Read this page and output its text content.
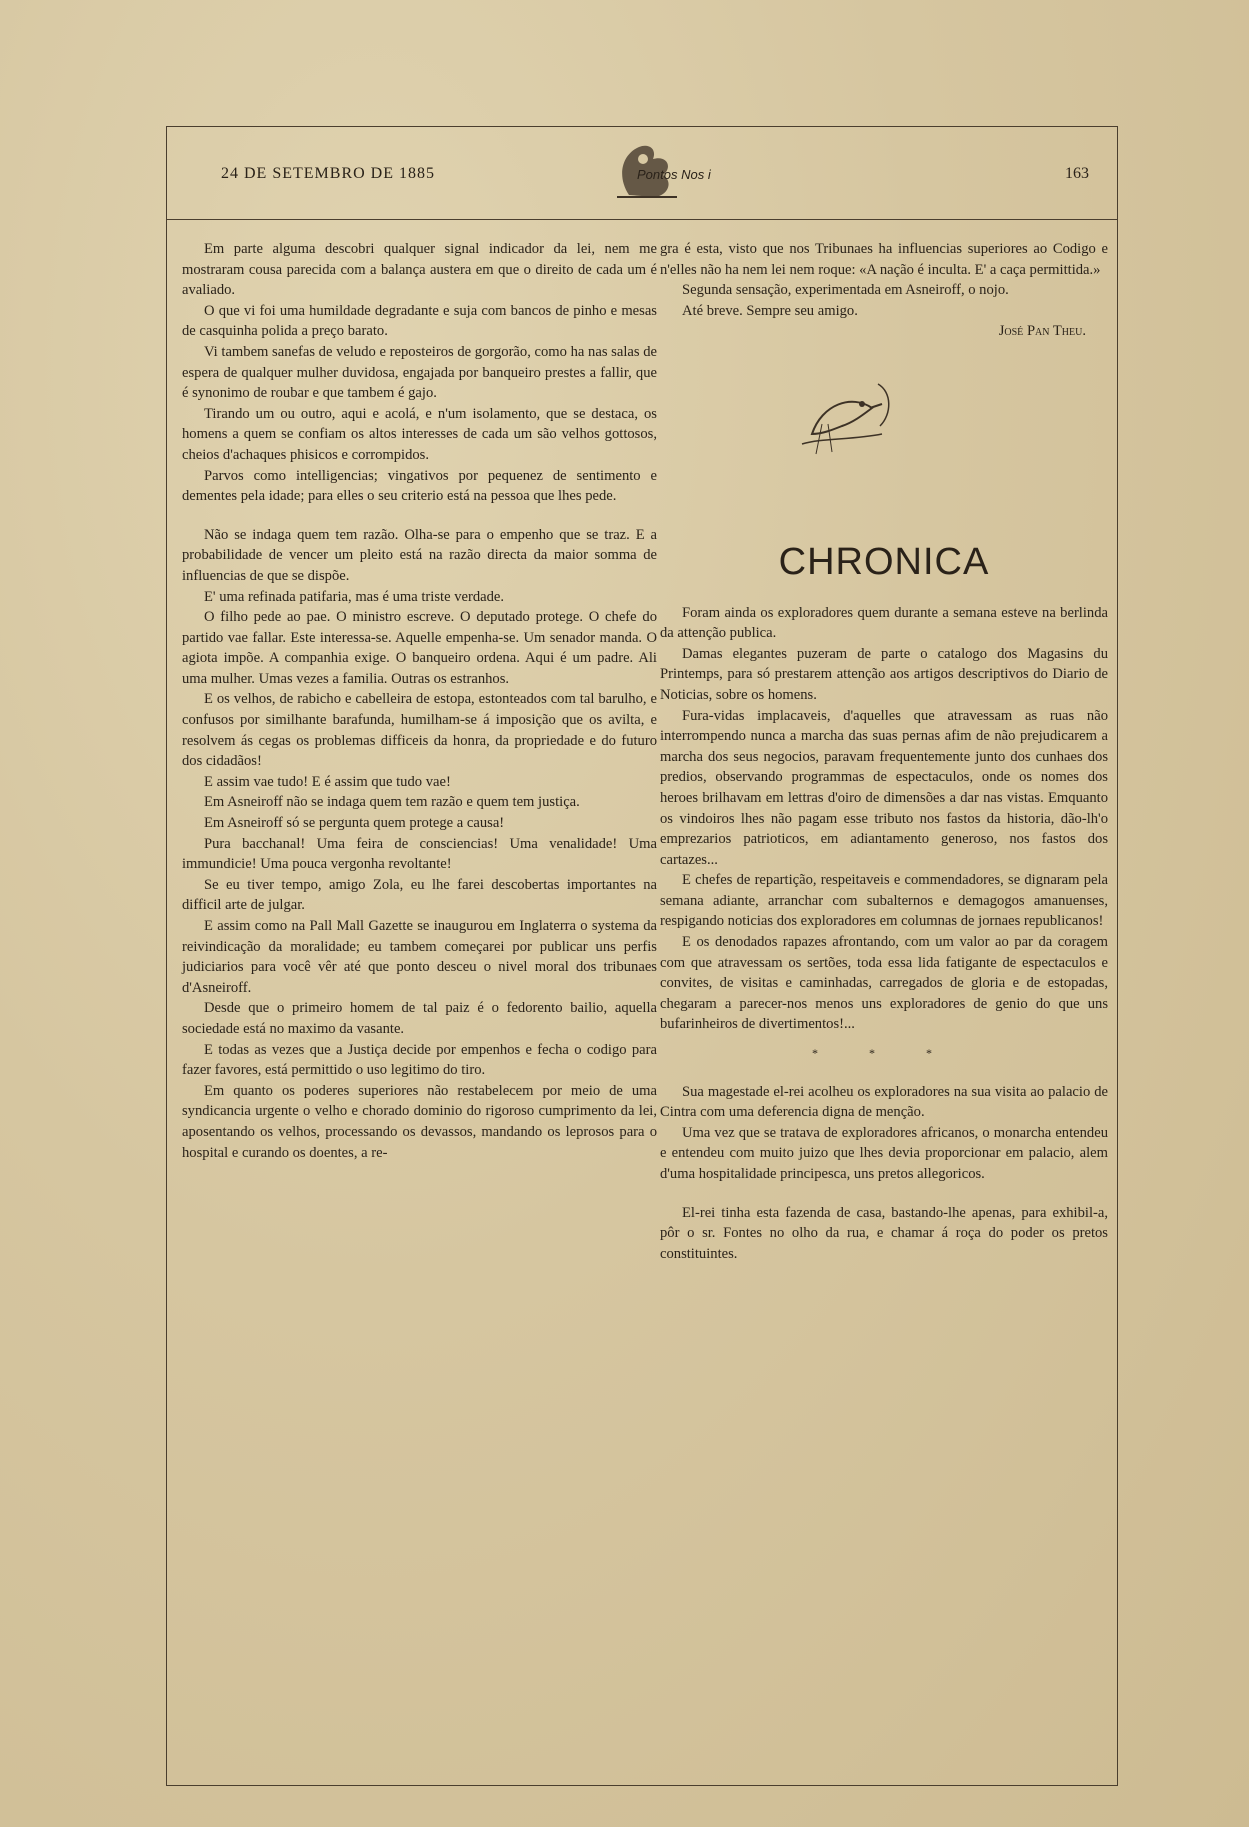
24 DE SETEMBRO DE 1885	Pontos Nos i	163

Em parte alguma descobri qualquer signal indicador da lei, nem me mostraram cousa parecida com a balança austera em que o direito de cada um é avaliado.

O que vi foi uma humildade degradante e suja com bancos de pinho e mesas de casquinha polida a preço barato.

Vi tambem sanefas de veludo e reposteiros de gorgorão, como ha nas salas de espera de qualquer mulher duvidosa, engajada por banqueiro prestes a fallir, que é synonimo de roubar e que tambem é gajo.

Tirando um ou outro, aqui e acolá, e n'um isolamento, que se destaca, os homens a quem se confiam os altos interesses de cada um são velhos gottosos, cheios d'achaques phisicos e corrompidos.

Parvos como intelligencias; vingativos por pequenez de sentimento e dementes pela idade; para elles o seu criterio está na pessoa que lhes pede.

Não se indaga quem tem razão. Olha-se para o empenho que se traz. E a probabilidade de vencer um pleito está na razão directa da maior somma de influencias de que se dispõe.

E' uma refinada patifaria, mas é uma triste verdade.

O filho pede ao pae. O ministro escreve. O deputado protege. O chefe do partido vae fallar. Este interessa-se. Aquelle empenha-se. Um senador manda. O agiota impõe. A companhia exige. O banqueiro ordena. Aqui é um padre. Ali uma mulher. Umas vezes a familia. Outras os estranhos.

E os velhos, de rabicho e cabelleira de estopa, estonteados com tal barulho, e confusos por similhante barafunda, humilham-se á imposição que os avilta, e resolvem ás cegas os problemas difficeis da honra, da propriedade e do futuro dos cidadãos!

E assim vae tudo! E é assim que tudo vae!

Em Asneiroff não se indaga quem tem razão e quem tem justiça.

Em Asneiroff só se pergunta quem protege a causa!

Pura bacchanal! Uma feira de consciencias! Uma venalidade! Uma immundicie! Uma pouca vergonha revoltante!

Se eu tiver tempo, amigo Zola, eu lhe farei descobertas importantes na difficil arte de julgar.

E assim como na Pall Mall Gazette se inaugurou em Inglaterra o systema da reivindicação da moralidade; eu tambem começarei por publicar uns perfis judiciarios para você vêr até que ponto desceu o nivel moral dos tribunaes d'Asneiroff.

Desde que o primeiro homem de tal paiz é o fedorento bailio, aquella sociedade está no maximo da vasante.

E todas as vezes que a Justiça decide por empenhos e fecha o codigo para fazer favores, está permittido o uso legitimo do tiro.

Em quanto os poderes superiores não restabelecem por meio de uma syndicancia urgente o velho e chorado dominio do rigoroso cumprimento da lei, aposentando os velhos, processando os devassos, mandando os leprosos para o hospital e curando os doentes, a re-

gra é esta, visto que nos Tribunaes ha influencias superiores ao Codigo e n'elles não ha nem lei nem roque: «A nação é inculta. E' a caça permittida.»

Segunda sensação, experimentada em Asneiroff, o nojo.

Até breve. Sempre seu amigo.

José Pan Theu.

CHRONICA

Foram ainda os exploradores quem durante a semana esteve na berlinda da attenção publica.

Damas elegantes puzeram de parte o catalogo dos Magasins du Printemps, para só prestarem attenção aos artigos descriptivos do Diario de Noticias, sobre os homens.

Fura-vidas implacaveis, d'aquelles que atravessam as ruas não interrompendo nunca a marcha das suas pernas afim de não prejudicarem a marcha dos seus negocios, paravam frequentemente junto dos cunhaes dos predios, observando programmas de espectaculos, onde os nomes dos heroes brilhavam em lettras d'oiro de dimensões a dar nas vistas. Emquanto os vindoiros lhes não pagam esse tributo nos fastos da historia, dão-lh'o emprezarios patrioticos, em adiantamento generoso, nos fastos dos cartazes...

E chefes de repartição, respeitaveis e commendadores, se dignaram pela semana adiante, arranchar com subalternos e demagogos amanuenses, respigando noticias dos exploradores em columnas de jornaes republicanos!

E os denodados rapazes afrontando, com um valor ao par da coragem com que atravessam os sertões, toda essa lida fatigante de espectaculos e convites, de visitas e caminhadas, carregados de gloria e de estopadas, chegaram a parecer-nos menos uns exploradores de genio do que uns bufarinheiros de divertimentos!...

* * *

Sua magestade el-rei acolheu os exploradores na sua visita ao palacio de Cintra com uma deferencia digna de menção.

Uma vez que se tratava de exploradores africanos, o monarcha entendeu e entendeu com muito juizo que lhes devia proporcionar em palacio, alem d'uma hospitalidade principesca, uns pretos allegoricos.

El-rei tinha esta fazenda de casa, bastando-lhe apenas, para exhibil-a, pôr o sr. Fontes no olho da rua, e chamar á roça do poder os pretos constituintes.
